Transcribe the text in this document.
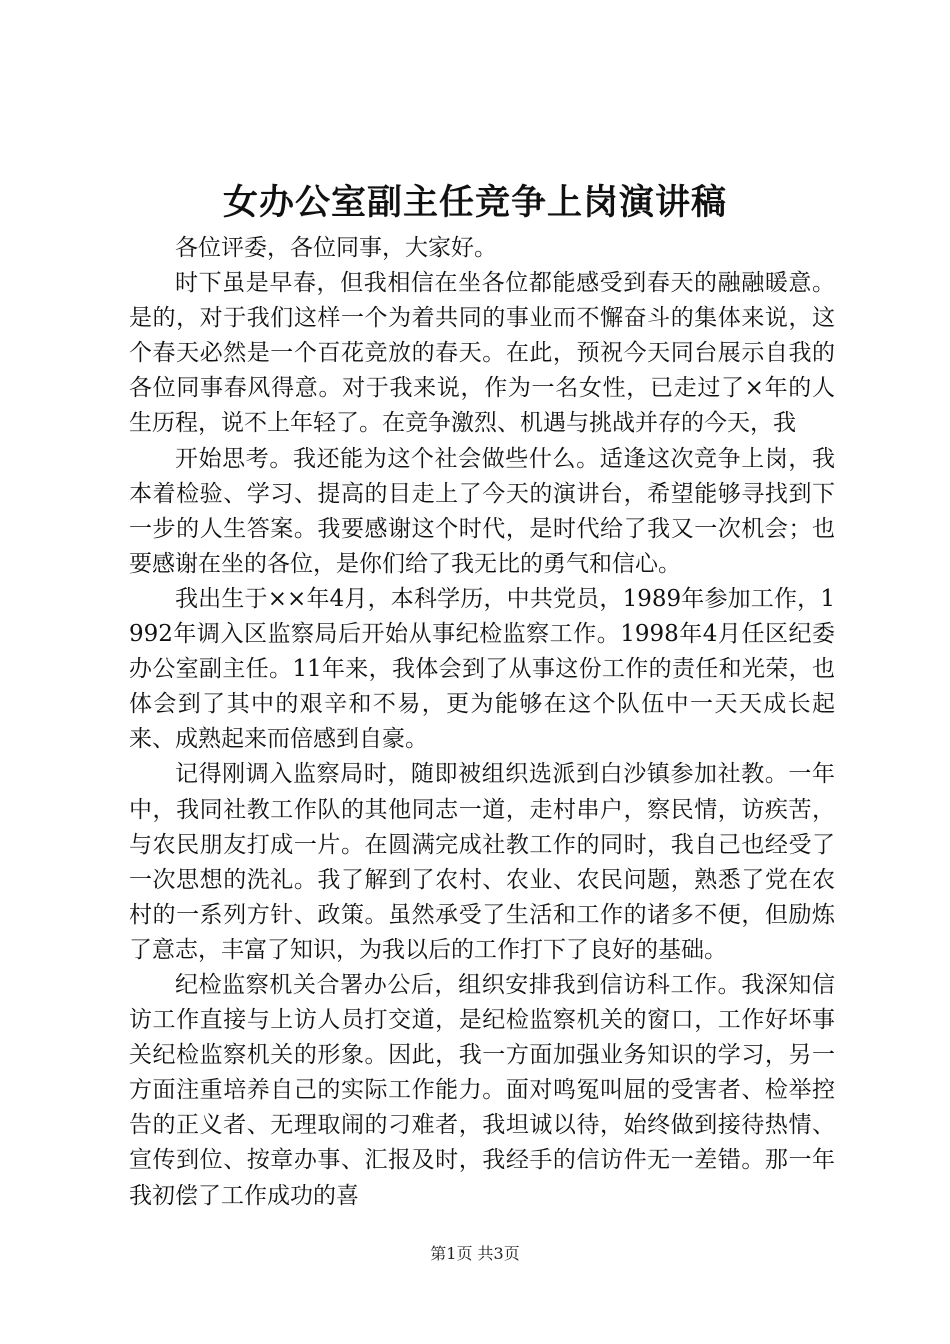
女办公室副主任竞争上岗演讲稿

各位评委，各位同事，大家好。

时下虽是早春，但我相信在坐各位都能感受到春天的融融暖意。是的，对于我们这样一个为着共同的事业而不懈奋斗的集体来说，这个春天必然是一个百花竞放的春天。在此，预祝今天同台展示自我的各位同事春风得意。对于我来说，作为一名女性，已走过了×年的人生历程，说不上年轻了。在竞争激烈、机遇与挑战并存的今天，我

开始思考。我还能为这个社会做些什么。适逢这次竞争上岗，我本着检验、学习、提高的目走上了今天的演讲台，希望能够寻找到下一步的人生答案。我要感谢这个时代，是时代给了我又一次机会；也要感谢在坐的各位，是你们给了我无比的勇气和信心。

我出生于××年4月，本科学历，中共党员，1989年参加工作，1992年调入区监察局后开始从事纪检监察工作。1998年4月任区纪委办公室副主任。11年来，我体会到了从事这份工作的责任和光荣，也体会到了其中的艰辛和不易，更为能够在这个队伍中一天天成长起来、成熟起来而倍感到自豪。

记得刚调入监察局时，随即被组织选派到白沙镇参加社教。一年中，我同社教工作队的其他同志一道，走村串户，察民情，访疾苦，与农民朋友打成一片。在圆满完成社教工作的同时，我自己也经受了一次思想的洗礼。我了解到了农村、农业、农民问题，熟悉了党在农村的一系列方针、政策。虽然承受了生活和工作的诸多不便，但励炼了意志，丰富了知识，为我以后的工作打下了良好的基础。

纪检监察机关合署办公后，组织安排我到信访科工作。我深知信访工作直接与上访人员打交道，是纪检监察机关的窗口，工作好坏事关纪检监察机关的形象。因此，我一方面加强业务知识的学习，另一方面注重培养自己的实际工作能力。面对鸣冤叫屈的受害者、检举控告的正义者、无理取闹的刁难者，我坦诚以待，始终做到接待热情、宣传到位、按章办事、汇报及时，我经手的信访件无一差错。那一年我初偿了工作成功的喜

第1页 共3页
